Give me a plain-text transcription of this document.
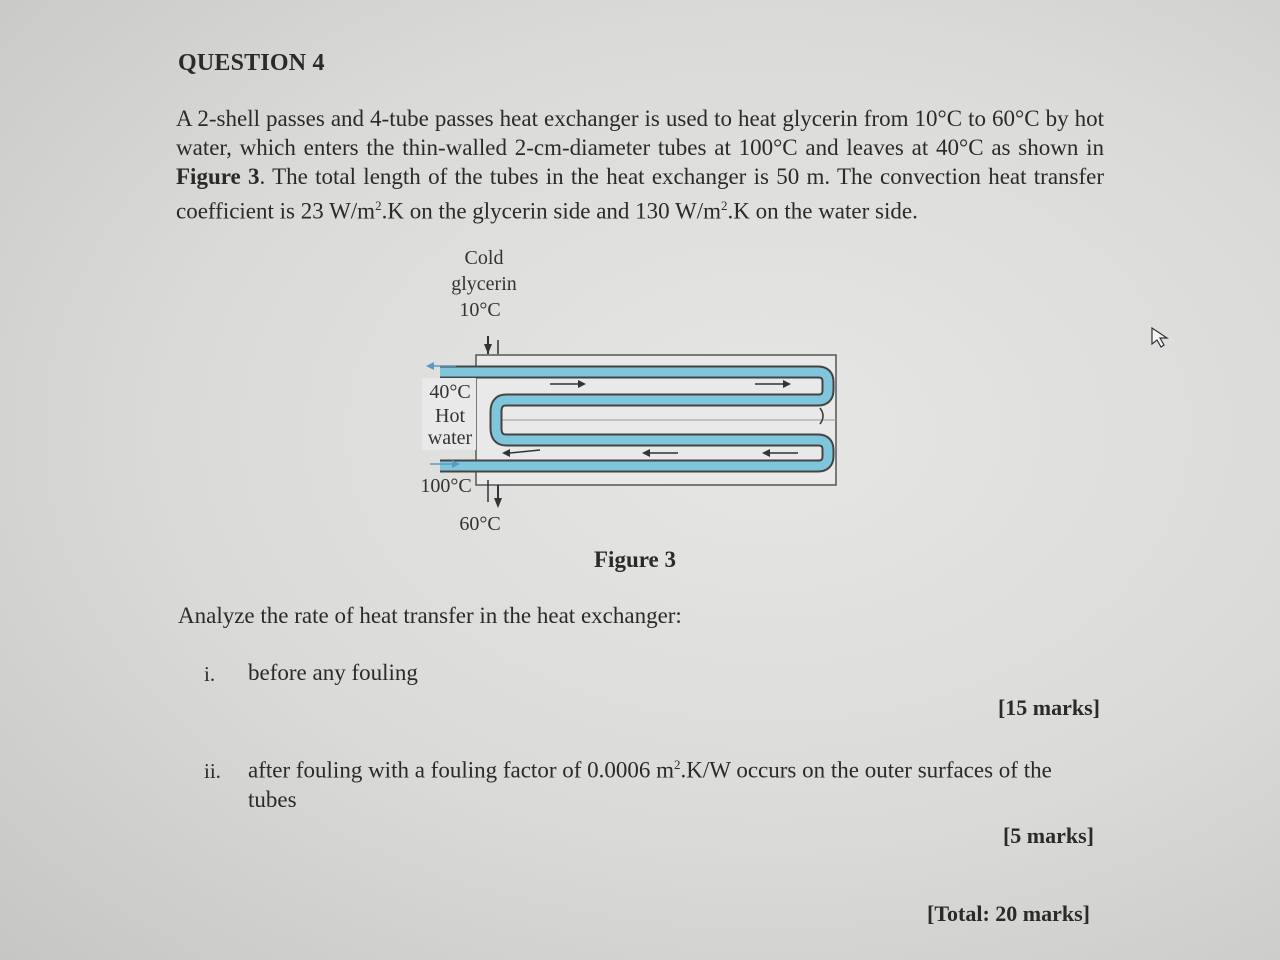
QUESTION 4
A 2-shell passes and 4-tube passes heat exchanger is used to heat glycerin from 10°C to 60°C by hot water, which enters the thin-walled 2-cm-diameter tubes at 100°C and leaves at 40°C as shown in Figure 3. The total length of the tubes in the heat exchanger is 50 m. The convection heat transfer coefficient is 23 $W/m^2.K$ on the glycerin side and 130 $W/m^2.K$ on the water side.
Cold
glycerin
10°C
40°C
Hot
water
100°C
60°C
Figure 3
Analyze the rate of heat transfer in the heat exchanger:
i. before any fouling
[15 marks]
ii. after fouling with a fouling factor of 0.0006 $m^2.K/W$ occurs on the outer surfaces of the
tubes
[5 marks]
[Total: 20 marks]
